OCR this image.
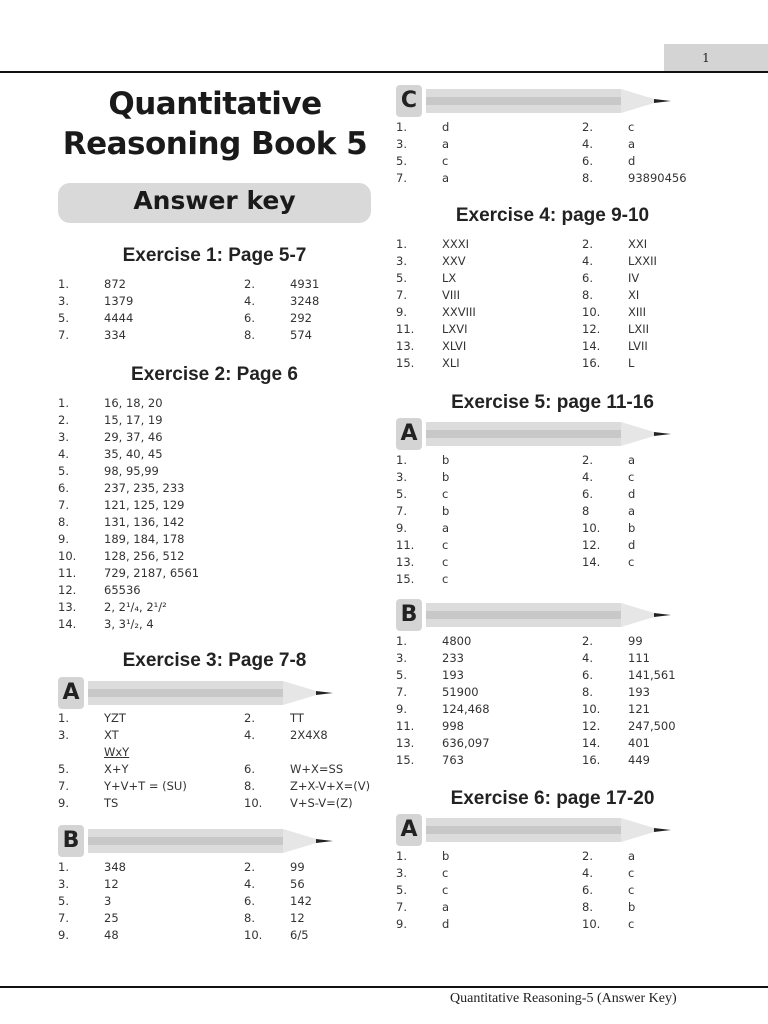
1
Quantitative
Reasoning Book 5
Answer key
Exercise 1: Page 5-7
1.	872	2.	4931
3.	1379	4.	3248
5.	4444	6.	292
7.	334	8.	574
Exercise 2: Page 6
1.	16, 18, 20
2.	15, 17, 19
3.	29, 37, 46
4.	35, 40, 45
5.	98, 95,99
6.	237, 235, 233
7.	121, 125, 129
8.	131, 136, 142
9.	189, 184, 178
10. 128, 256, 512
11. 729, 2187, 6561
12. 65536
13. 2, 2¹/₄, 2¹/²
14. 3, 3¹/₂, 4
Exercise 3: Page 7-8
A
1.	YZT	2.	TT
3.	XT	4.	2X4X8
WxY
5.	X+Y	6.	W+X=SS
7.	Y+V+T = (SU)	8.	Z+X-V+X=(V)
9.	TS	10. V+S-V=(Z)
B
1.	348	2.	99
3.	12	4.	56
5.	3	6.	142
7.	25	8.	12
9.	48	10. 6/5
C
1.	d	2.	c
3.	a	4.	a
5.	c	6.	d
7.	a	8.	93890456
Exercise 4: page 9-10
1.	XXXI	2.	XXI
3.	XXV	4.	LXXII
5.	LX	6.	IV
7.	VIII	8.	XI
9.	XXVIII	10. XIII
11. LXVI	12. LXII
13. XLVI	14. LVII
15. XLI	16. L
Exercise 5: page 11-16
A
1.	b	2.	a
3.	b	4.	c
5.	c	6.	d
7.	b	8	a
9.	a	10. b
11. c	12. d
13. c	14. c
15. c
B
1.	4800	2.	99
3.	233	4.	111
5.	193	6.	141,561
7.	51900	8.	193
9.	124,468	10. 121
11. 998	12. 247,500
13. 636,097	14. 401
15. 763	16. 449
Exercise 6: page 17-20
A
1.	b	2.	a
3.	c	4.	c
5.	c	6.	c
7.	a	8.	b
9.	d	10. c
Quantitative Reasoning-5 (Answer Key)
